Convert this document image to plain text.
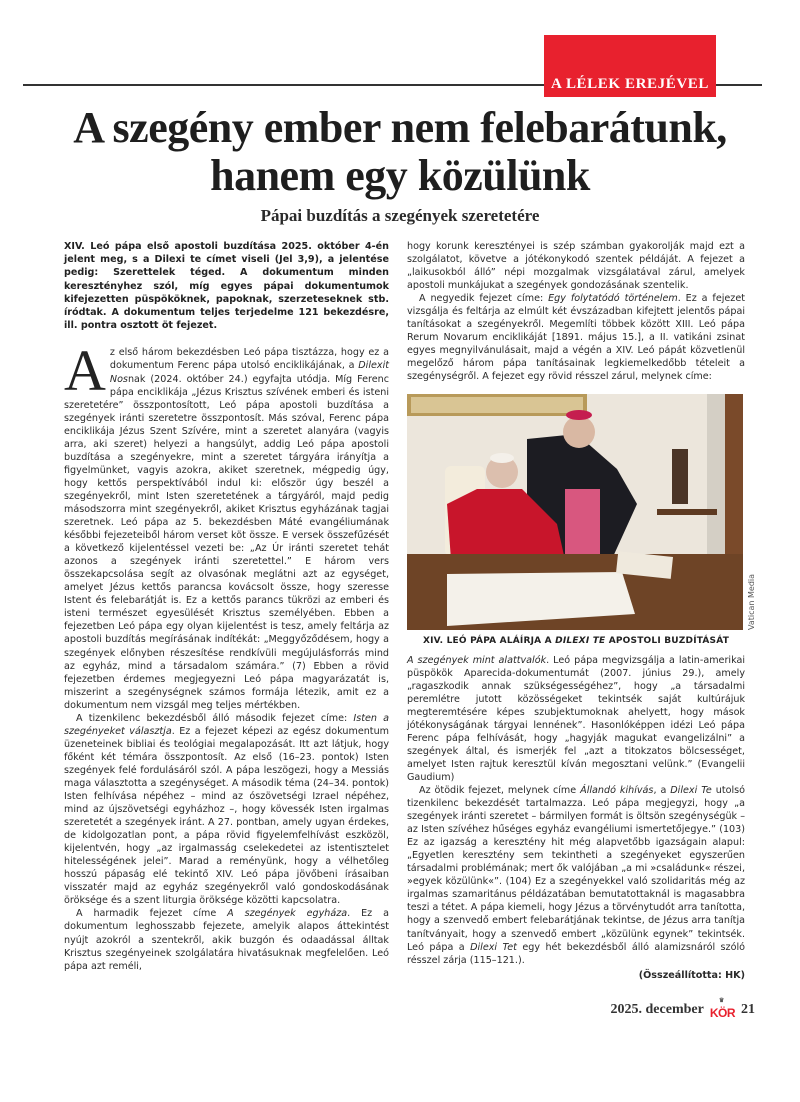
A LÉLEK EREJÉVEL
A szegény ember nem felebarátunk,
hanem egy közülünk
Pápai buzdítás a szegények szeretetére
XIV. Leó pápa első apostoli buzdítása 2025. október 4-én jelent meg, s a Dilexi te címet viseli (Jel 3,9), a jelentése pedig: Szerettelek téged. A dokumentum minden keresztényhez szól, míg egyes pápai dokumentumok kifejezetten püspököknek, papoknak, szerzeteseknek stb. íródtak. A dokumentum teljes terjedelme 121 bekezdésre, ill. pontra osztott öt fejezet.

Az első három bekezdésben Leó pápa tisztázza, hogy ez a dokumentum Ferenc pápa utolsó enciklikájának, a Dilexit Nosnak (2024. október 24.) egyfajta utódja. Míg Ferenc pápa enciklikája „Jézus Krisztus szívének emberi és isteni szeretetére” összpontosított, Leó pápa apostoli buzdítása a szegények iránti szeretetre összpontosít. Más szóval, Ferenc pápa enciklikája Jézus Szent Szívére, mint a szeretet alanyára (vagyis arra, aki szeret) helyezi a hangsúlyt, addig Leó pápa apostoli buzdítása a szegényekre, mint a szeretet tárgyára irányítja a figyelmünket, vagyis azokra, akiket szeretnek, mégpedig úgy, hogy kettős perspektívából indul ki: először úgy beszél a szegényekről, mint Isten szeretetének a tárgyáról, majd pedig másodszorra mint szegényekről, akiket Krisztus egyházának tagjai szeretnek. Leó pápa az 5. bekezdésben Máté evangéliumának későbbi fejezeteiből három verset köt össze. E versek összefűzését a következő kijelentéssel vezeti be: „Az Úr iránti szeretet tehát azonos a szegények iránti szeretettel.” E három vers összekapcsolása segít az olvasónak meglátni azt az egységet, amelyet Jézus kettős parancsa kovácsolt össze, hogy szeresse Istent és felebarátját is. Ez a kettős parancs tükrözi az emberi és isteni természet egyesülését Krisztus személyében. Ebben a fejezetben Leó pápa egy olyan kijelentést is tesz, amely feltárja az apostoli buzdítás megírásának indítékát: „Meggyőződésem, hogy a szegények előnyben részesítése rendkívüli megújulásforrás mind az egyház, mind a társadalom számára.” (7) Ebben a rövid fejezetben érdemes megjegyezni Leó pápa magyarázatát is, miszerint a szegénységnek számos formája létezik, amit ez a dokumentum nem vizsgál meg teljes mértékben.

A tizenkilenc bekezdésből álló második fejezet címe: Isten a szegényeket választja. Ez a fejezet képezi az egész dokumentum üzeneteinek bibliai és teológiai megalapozását. Itt azt látjuk, hogy főként két témára összpontosít. Az első (16–23. pontok) Isten szegények felé fordulásáról szól. A pápa leszögezi, hogy a Messiás maga választotta a szegénységet. A második téma (24–34. pontok) Isten felhívása népéhez – mind az ószövetségi Izrael népéhez, mind az újszövetségi egyházhoz –, hogy kövessék Isten irgalmas szeretetét a szegények iránt. A 27. pontban, amely ugyan érdekes, de kidolgozatlan pont, a pápa rövid figyelemfelhívást eszközöl, kijelentvén, hogy „az irgalmasság cselekedetei az istentisztelet hitelességének jelei”. Marad a reményünk, hogy a vélhetőleg hosszú pápaság elé tekintő XIV. Leó pápa jövőbeni írásaiban visszatér majd az egyház szegényekről való gondoskodásának öröksége és a szent liturgia öröksége közötti kapcsolatra.

A harmadik fejezet címe A szegények egyháza. Ez a dokumentum leghosszabb fejezete, amelyik alapos áttekintést nyújt azokról a szentekről, akik buzgón és odaadással álltak Krisztus szegényeinek szolgálatára hivatásuknak megfelelően. Leó pápa azt reméli,

hogy korunk keresztényei is szép számban gyakorolják majd ezt a szolgálatot, követve a jótékonykodó szentek példáját. A fejezet a „laikusokból álló” népi mozgalmak vizsgálatával zárul, amelyek apostoli munkájukat a szegények gondozásának szentelik.

A negyedik fejezet címe: Egy folytatódó történelem. Ez a fejezet vizsgálja és feltárja az elmúlt két évszázadban kifejtett jelentős pápai tanításokat a szegényekről. Megemlíti többek között XIII. Leó pápa Rerum Novarum enciklikáját [1891. május 15.], a II. vatikáni zsinat egyes megnyilvánulásait, majd a végén a XIV. Leó pápát közvetlenül megelőző három pápa tanításainak legkiemelkedőbb tételeit a szegénységről. A fejezet egy rövid résszel zárul, melynek címe:

Vatican Media
XIV. LEÓ PÁPA ALÁÍRJA A DILEXI TE APOSTOLI BUZDÍTÁSÁT

A szegények mint alattvalók. Leó pápa megvizsgálja a latin-amerikai püspökök Aparecida-dokumentumát (2007. június 29.), amely „ragaszkodik annak szükségességéhez”, hogy „a társadalmi peremlétre jutott közösségeket tekintsék saját kultúrájuk megteremtésére képes szubjektumoknak ahelyett, hogy mások jótékonyságának tárgyai lennének”. Hasonlóképpen idézi Leó pápa Ferenc pápa felhívását, hogy „hagyják magukat evangelizálni” a szegények által, és ismerjék fel „azt a titokzatos bölcsességet, amelyet Isten rajtuk keresztül kíván megosztani velünk.” (Evangelii Gaudium)

Az ötödik fejezet, melynek címe Állandó kihívás, a Dilexi Te utolsó tizenkilenc bekezdését tartalmazza. Leó pápa megjegyzi, hogy „a szegények iránti szeretet – bármilyen formát is öltsön szegénységük – az Isten szívéhez hűséges egyház evangéliumi ismertetőjegye.” (103) Ez az igazság a keresztény hit még alapvetőbb igazságain alapul: „Egyetlen keresztény sem tekintheti a szegényeket egyszerűen társadalmi problémának; mert ők valójában „a mi »családunk« részei, »egyek közülünk«”. (104) Ez a szegényekkel való szolidaritás még az irgalmas szamaritánus példázatában bemutatottaknál is magasabbra teszi a tétet. A pápa kiemeli, hogy Jézus a törvénytudót arra tanította, hogy a szenvedő embert felebarátjának tekintse, de Jézus arra tanítja tanítványait, hogy a szenvedő embert „közülünk egynek” tekintsék. Leó pápa a Dilexi Tet egy hét bekezdésből álló alamizsnáról szóló résszel zárja (115–121.).

(Összeállította: HK)
2025. december
♛
KÖR 21
